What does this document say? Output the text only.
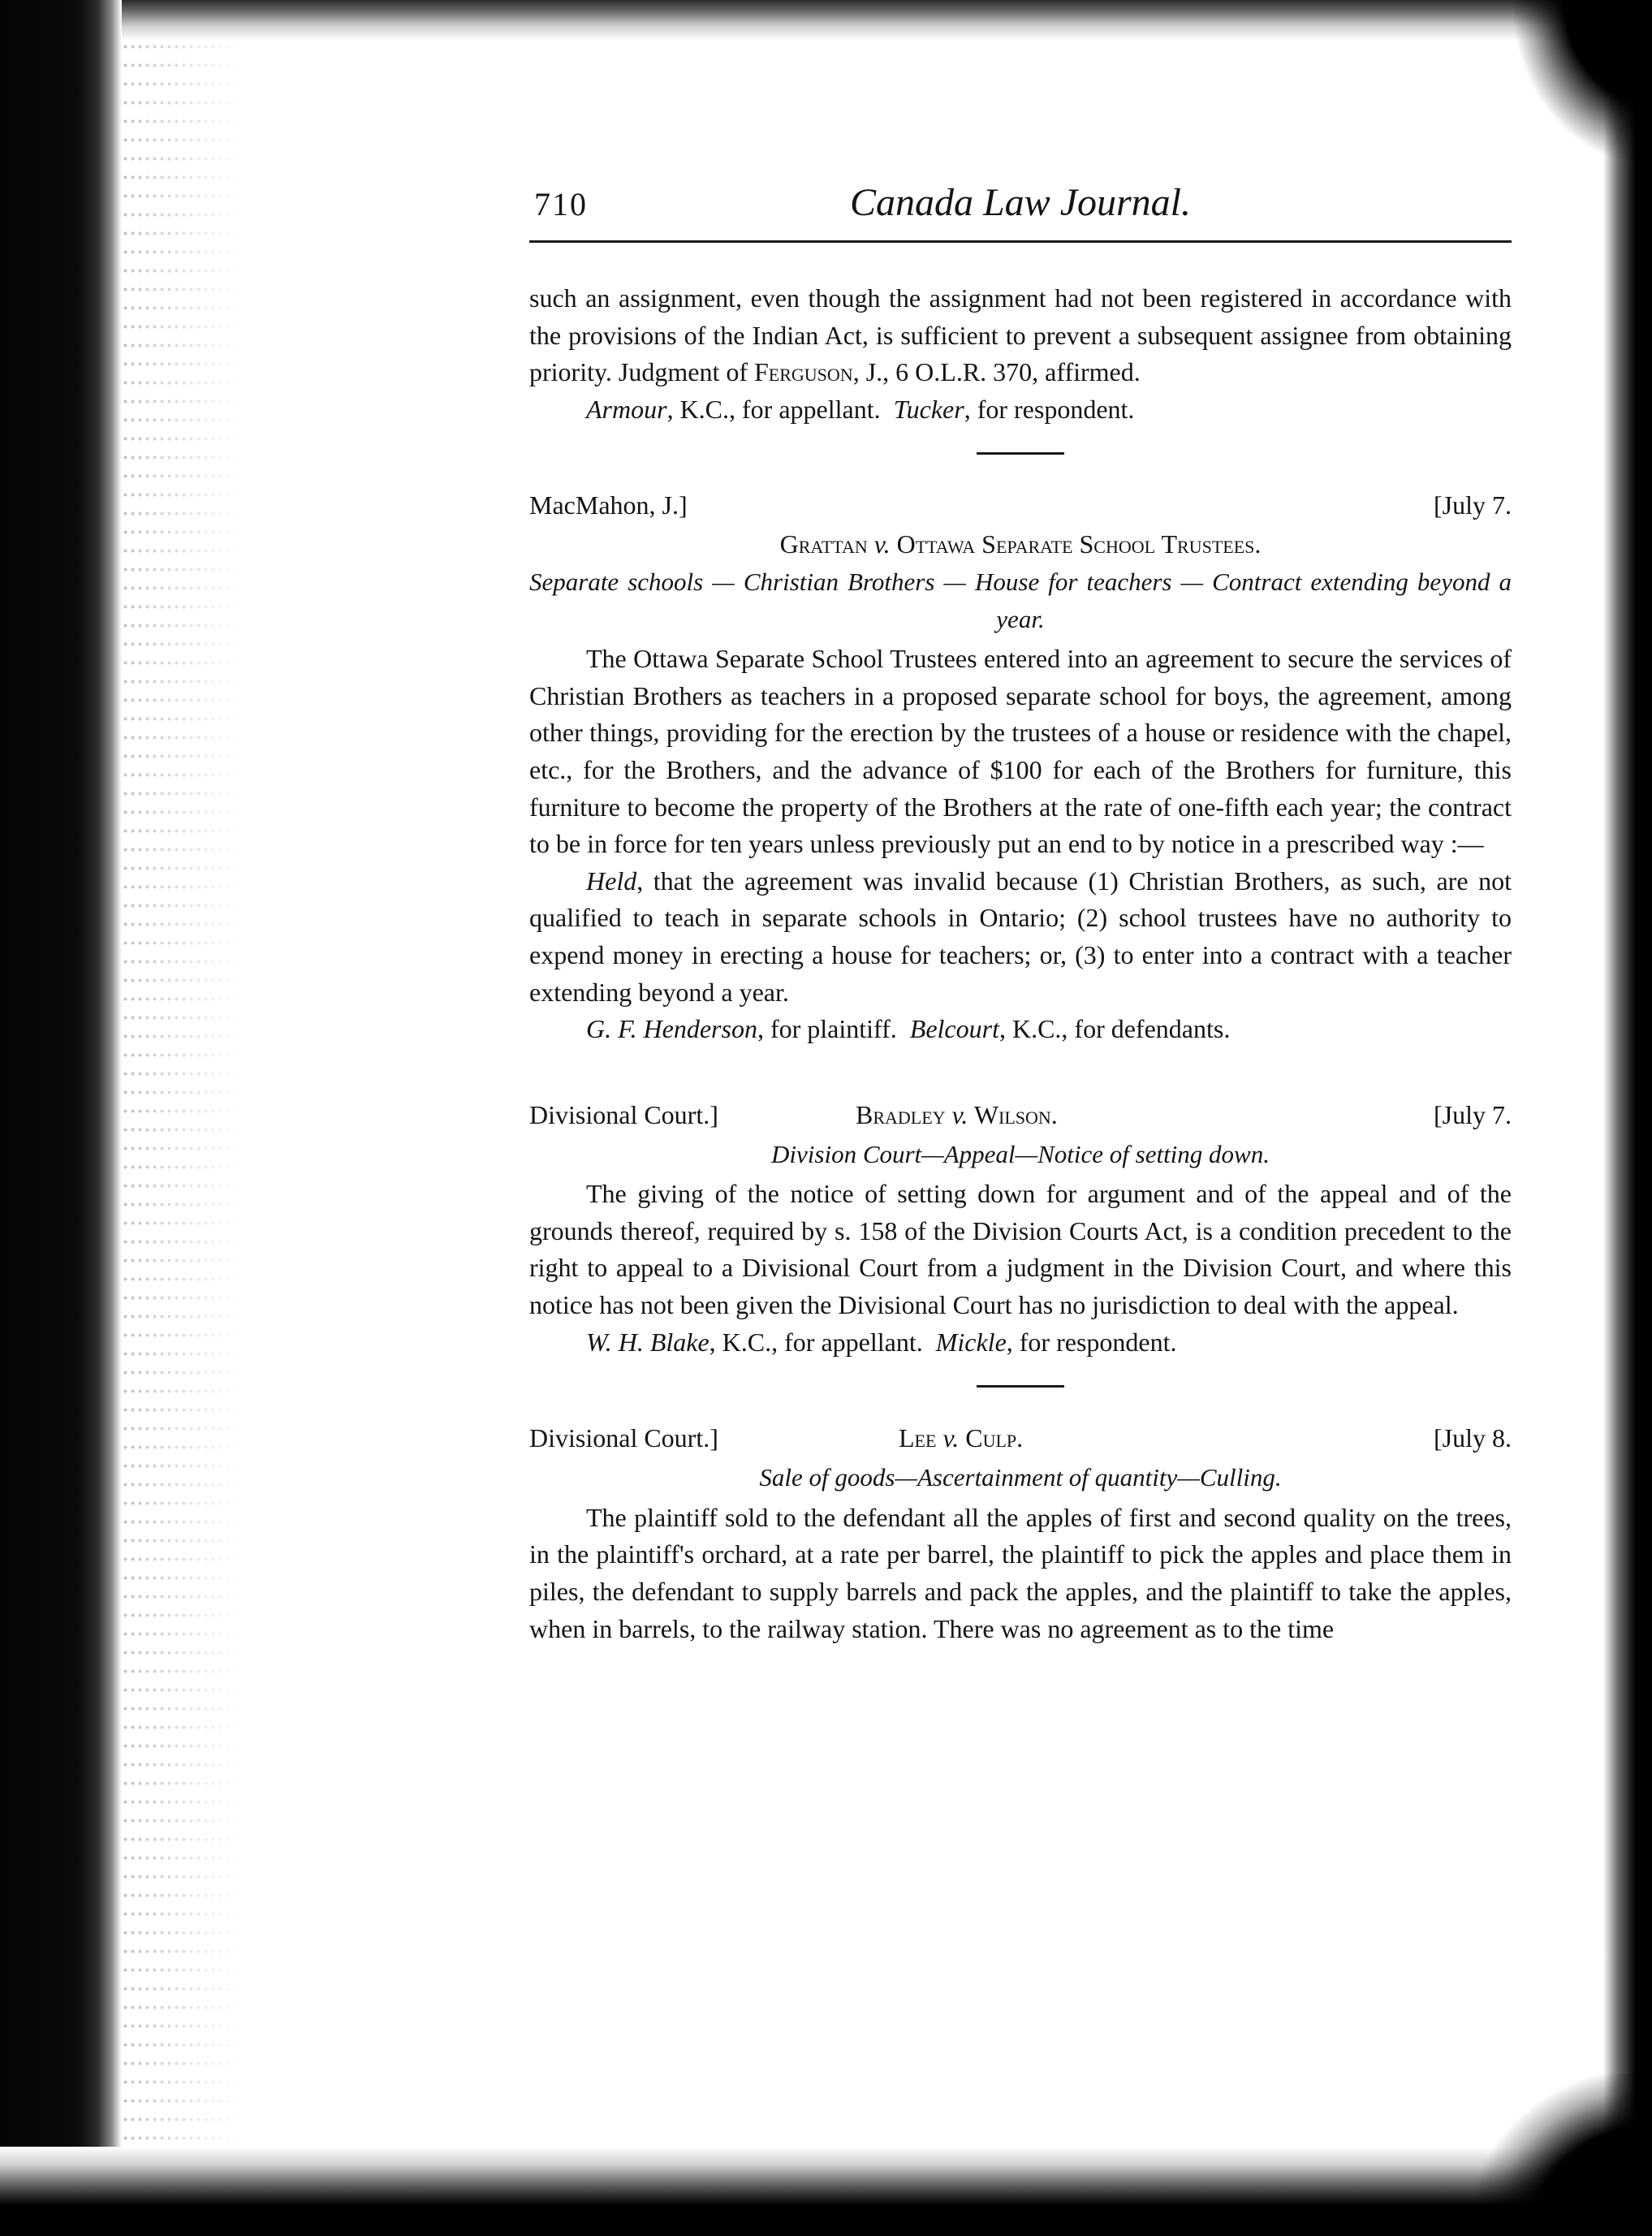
710	Canada Law Journal.

such an assignment, even though the assignment had not been registered in accordance with the provisions of the Indian Act, is sufficient to prevent a subsequent assignee from obtaining priority. Judgment of Ferguson, J., 6 O.L.R. 370, affirmed.

Armour, K.C., for appellant. Tucker, for respondent.

MacMahon, J.]	[July 7.
Grattan v. Ottawa Separate School Trustees.
Separate schools — Christian Brothers — House for teachers — Contract extending beyond a year.

The Ottawa Separate School Trustees entered into an agreement to secure the services of Christian Brothers as teachers in a proposed separate school for boys, the agreement, among other things, providing for the erection by the trustees of a house or residence with the chapel, etc., for the Brothers, and the advance of $100 for each of the Brothers for furniture, this furniture to become the property of the Brothers at the rate of one-fifth each year; the contract to be in force for ten years unless previously put an end to by notice in a prescribed way :—

Held, that the agreement was invalid because (1) Christian Brothers, as such, are not qualified to teach in separate schools in Ontario; (2) school trustees have no authority to expend money in erecting a house for teachers; or, (3) to enter into a contract with a teacher extending beyond a year.

G. F. Henderson, for plaintiff. Belcourt, K.C., for defendants.

Divisional Court.]	Bradley v. Wilson.	[July 7.
Division Court—Appeal—Notice of setting down.

The giving of the notice of setting down for argument and of the appeal and of the grounds thereof, required by s. 158 of the Division Courts Act, is a condition precedent to the right to appeal to a Divisional Court from a judgment in the Division Court, and where this notice has not been given the Divisional Court has no jurisdiction to deal with the appeal.

W. H. Blake, K.C., for appellant. Mickle, for respondent.

Divisional Court.]	Lee v. Culp.	[July 8.
Sale of goods—Ascertainment of quantity—Culling.

The plaintiff sold to the defendant all the apples of first and second quality on the trees, in the plaintiff's orchard, at a rate per barrel, the plaintiff to pick the apples and place them in piles, the defendant to supply barrels and pack the apples, and the plaintiff to take the apples, when in barrels, to the railway station. There was no agreement as to the time
